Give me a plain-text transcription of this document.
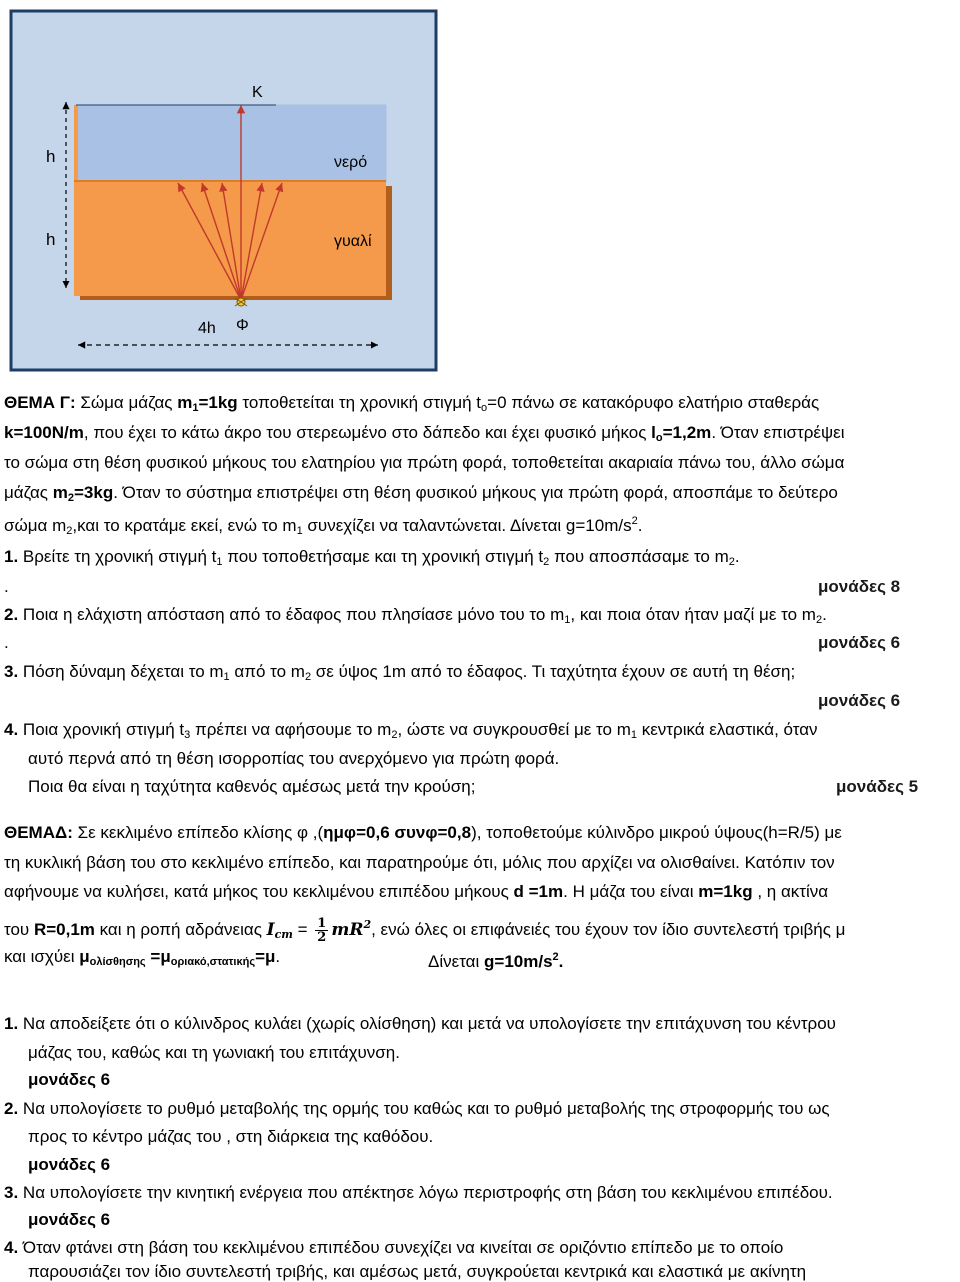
K
h	νερό
h	γυαλί
4h Φ
ΘΕΜΑ Γ: Σώμα μάζας $m_1=1kg$ τοποθετείται τη χρονική στιγμή $t_o=0$ πάνω σε κατακόρυφο ελατήριο σταθεράς
k=100N/m, που έχει το κάτω άκρο του στερεωμένο στο δάπεδο και έχει φυσικό μήκος $l_o=1,2m$. Όταν επιστρέψει
το σώμα στη θέση φυσικού μήκους του ελατηρίου για πρώτη φορά, τοποθετείται ακαριαία πάνω του, άλλο σώμα
μάζας $m_2=3kg$. Όταν το σύστημα επιστρέψει στη θέση φυσικού μήκους για πρώτη φορά, αποσπάμε το δεύτερο
σώμα $m_2,\kappa\alpha\iota$ το κρατάμε εκεί, ενώ το $m_1$ συνεχίζει να ταλαντώνεται. Δίνεται $g=10m/s^2$.
1. Βρείτε τη χρονική στιγμή $t_1$ που τοποθετήσαμε και τη χρονική στιγμή $t_2$ που αποσπάσαμε το $m_2$.
.	μονάδες 8
2. Ποια η ελάχιστη απόσταση από το έδαφος που πλησίασε μόνο του το $m_1$, και ποια όταν ήταν μαζί με το $m_2$.
.	μονάδες 6
3. Πόση δύναμη δέχεται το $m_1$ από το $m_2$ σε ύψος 1m από το έδαφος. Τι ταχύτητα έχουν σε αυτή τη θέση;
μονάδες 6
4. Ποια χρονική στιγμή $t_3$ πρέπει να αφήσουμε το $m_2$, ώστε να συγκρουσθεί με το $m_1$ κεντρικά ελαστικά, όταν
αυτό περνά από τη θέση ισορροπίας του ανερχόμενο για πρώτη φορά.
Ποια θα είναι η ταχύτητα καθενός αμέσως μετά την κρούση;	μονάδες 5
ΘΕΜΑΔ: Σε κεκλιμένο επίπεδο κλίσης φ ,(ημφ=0,6 συνφ=0,8), τοποθετούμε κύλινδρο μικρού ύψους(h=R/5) με
τη κυκλική βάση του στο κεκλιμένο επίπεδο, και παρατηρούμε ότι, μόλις που αρχίζει να ολισθαίνει. Κατόπιν τον
αφήνουμε να κυλήσει, κατά μήκος του κεκλιμένου επιπέδου μήκους d =1m. Η μάζα του είναι m=1kg , η ακτίνα
του R=0,1m και η ροπή αδράνειας $I_{cm} = \frac{1}{2} mR^2$, ενώ όλες οι επιφάνειές του έχουν τον ίδιο συντελεστή τριβής μ
και ισχύει μολίσθησης =μοριακό,στατικής=μ.	Δίνεται $g=10m/s^2$.
1. Να αποδείξετε ότι ο κύλινδρος κυλάει (χωρίς ολίσθηση) και μετά να υπολογίσετε την επιτάχυνση του κέντρου
μάζας του, καθώς και τη γωνιακή του επιτάχυνση.
μονάδες 6
2. Να υπολογίσετε το ρυθμό μεταβολής της ορμής του καθώς και το ρυθμό μεταβολής της στροφορμής του ως
προς το κέντρο μάζας του , στη διάρκεια της καθόδου.
μονάδες 6
3. Να υπολογίσετε την κινητική ενέργεια που απέκτησε λόγω περιστροφής στη βάση του κεκλιμένου επιπέδου.
μονάδες 6
4. Όταν φτάνει στη βάση του κεκλιμένου επιπέδου συνεχίζει να κινείται σε οριζόντιο επίπεδο με το οποίο
παρουσιάζει τον ίδιο συντελεστή τριβής, και αμέσως μετά, συγκρούεται κεντρικά και ελαστικά με ακίνητη
